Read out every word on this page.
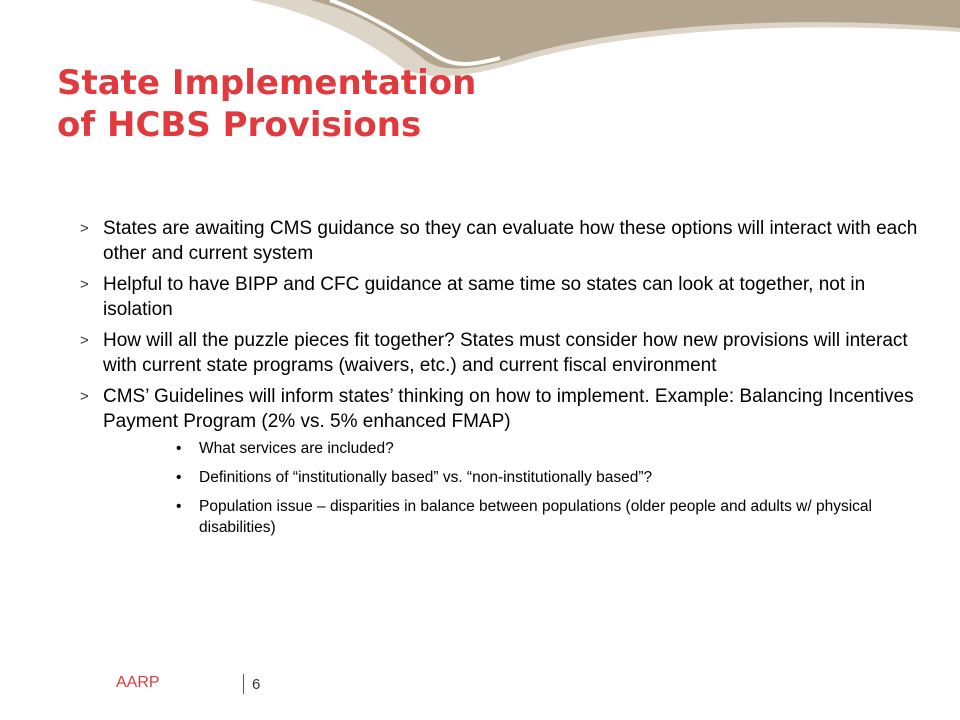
State Implementation
of HCBS Provisions
> States are awaiting CMS guidance so they can evaluate how these options will interact with each other and current system
> Helpful to have BIPP and CFC guidance at same time so states can look at together, not in isolation
> How will all the puzzle pieces fit together? States must consider how new provisions will interact with current state programs (waivers, etc.) and current fiscal environment
> CMS’ Guidelines will inform states’ thinking on how to implement. Example: Balancing Incentives Payment Program (2% vs. 5% enhanced FMAP)
• What services are included?
• Definitions of “institutionally based” vs. “non-institutionally based”?
• Population issue – disparities in balance between populations (older people and adults w/ physical disabilities)
AARP	6
